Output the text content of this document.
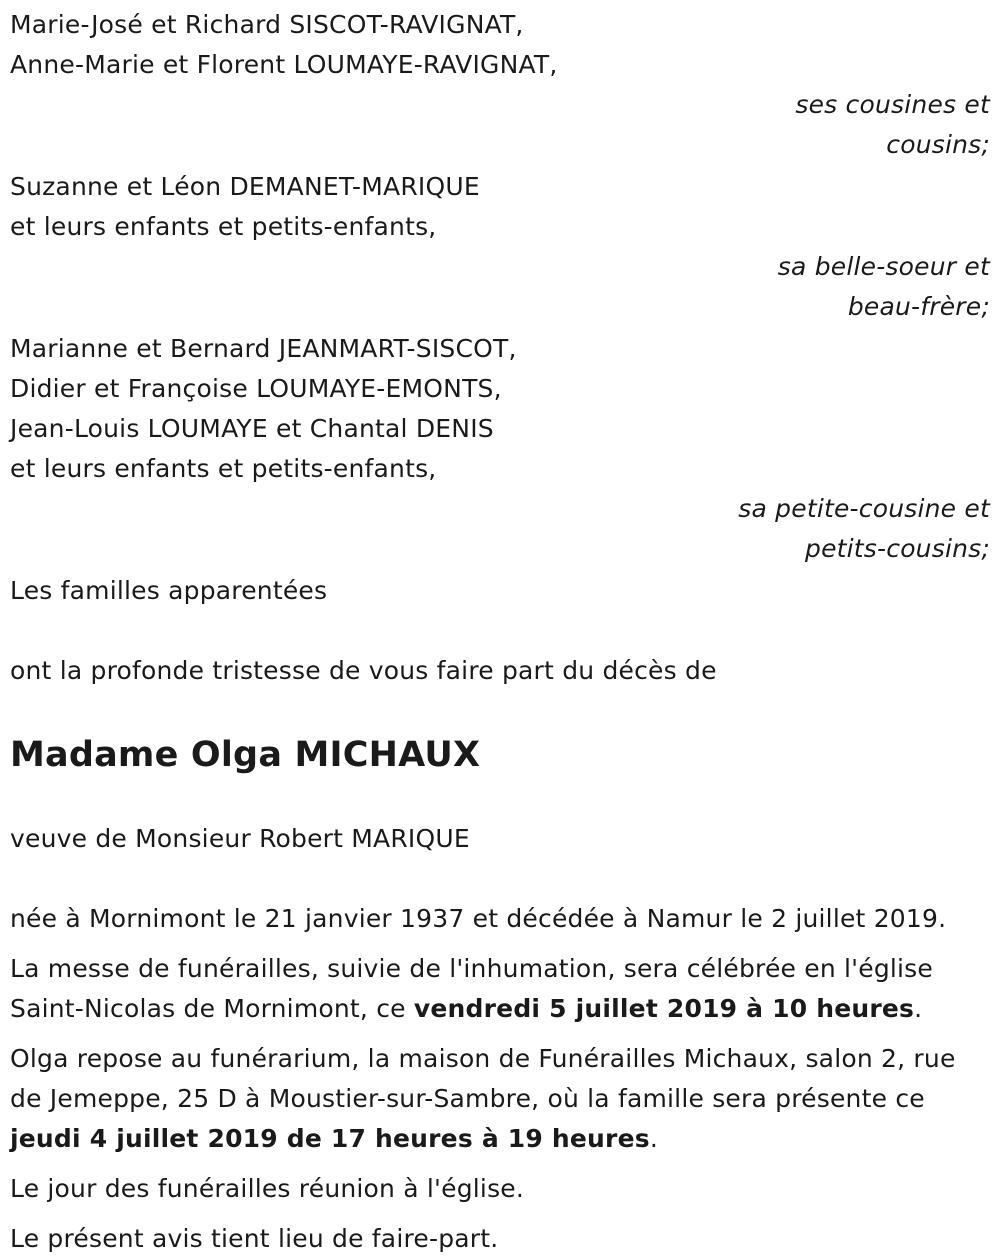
Marie-José et Richard SISCOT-RAVIGNAT,
Anne-Marie et Florent LOUMAYE-RAVIGNAT,
ses cousines et
cousins;
Suzanne et Léon DEMANET-MARIQUE
et leurs enfants et petits-enfants,
sa belle-soeur et
beau-frère;
Marianne et Bernard JEANMART-SISCOT,
Didier et Françoise LOUMAYE-EMONTS,
Jean-Louis LOUMAYE et Chantal DENIS
et leurs enfants et petits-enfants,
sa petite-cousine et
petits-cousins;
Les familles apparentées
ont la profonde tristesse de vous faire part du décès de
Madame Olga MICHAUX
veuve de Monsieur Robert MARIQUE
née à Mornimont le 21 janvier 1937 et décédée à Namur le 2 juillet 2019.
La messe de funérailles, suivie de l'inhumation, sera célébrée en l'église Saint-Nicolas de Mornimont, ce vendredi 5 juillet 2019 à 10 heures.
Olga repose au funérarium, la maison de Funérailles Michaux, salon 2, rue de Jemeppe, 25 D à Moustier-sur-Sambre, où la famille sera présente ce jeudi 4 juillet 2019 de 17 heures à 19 heures.
Le jour des funérailles réunion à l'église.
Le présent avis tient lieu de faire-part.
